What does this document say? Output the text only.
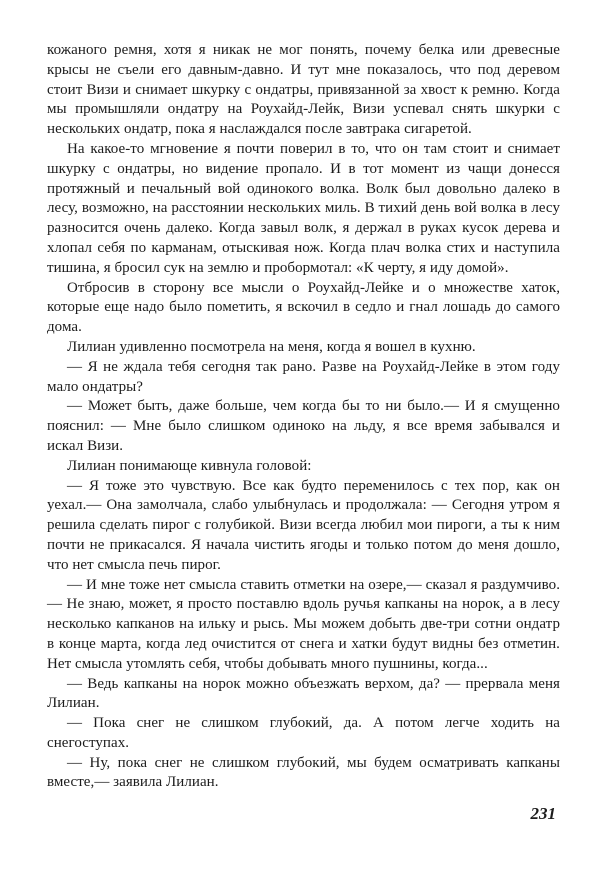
кожаного ремня, хотя я никак не мог понять, почему белка или древесные крысы не съели его давным-давно. И тут мне показалось, что под деревом стоит Визи и снимает шкурку с ондатры, привязанной за хвост к ремню. Когда мы промышляли ондатру на Роухайд-Лейк, Визи успевал снять шкурки с нескольких ондатр, пока я наслаждался после завтрака сигаретой.

На какое-то мгновение я почти поверил в то, что он там стоит и снимает шкурку с ондатры, но видение пропало. И в тот момент из чащи донесся протяжный и печальный вой одинокого волка. Волк был довольно далеко в лесу, возможно, на расстоянии нескольких миль. В тихий день вой волка в лесу разносится очень далеко. Когда завыл волк, я держал в руках кусок дерева и хлопал себя по карманам, отыскивая нож. Когда плач волка стих и наступила тишина, я бросил сук на землю и пробормотал: «К черту, я иду домой».

Отбросив в сторону все мысли о Роухайд-Лейке и о множестве хаток, которые еще надо было пометить, я вскочил в седло и гнал лошадь до самого дома.

Лилиан удивленно посмотрела на меня, когда я вошел в кухню.

— Я не ждала тебя сегодня так рано. Разве на Роухайд-Лейке в этом году мало ондатры?

— Может быть, даже больше, чем когда бы то ни было.— И я смущенно пояснил: — Мне было слишком одиноко на льду, я все время забывался и искал Визи.

Лилиан понимающе кивнула головой:

— Я тоже это чувствую. Все как будто переменилось с тех пор, как он уехал.— Она замолчала, слабо улыбнулась и продолжала: — Сегодня утром я решила сделать пирог с голубикой. Визи всегда любил мои пироги, а ты к ним почти не прикасался. Я начала чистить ягоды и только потом до меня дошло, что нет смысла печь пирог.

— И мне тоже нет смысла ставить отметки на озере,— сказал я раздумчиво.— Не знаю, может, я просто поставлю вдоль ручья капканы на норок, а в лесу несколько капканов на ильку и рысь. Мы можем добыть две-три сотни ондатр в конце марта, когда лед очистится от снега и хатки будут видны без отметин. Нет смысла утомлять себя, чтобы добывать много пушнины, когда...

— Ведь капканы на норок можно объезжать верхом, да? — прервала меня Лилиан.

— Пока снег не слишком глубокий, да. А потом легче ходить на снегоступах.

— Ну, пока снег не слишком глубокий, мы будем осматривать капканы вместе,— заявила Лилиан.

231
